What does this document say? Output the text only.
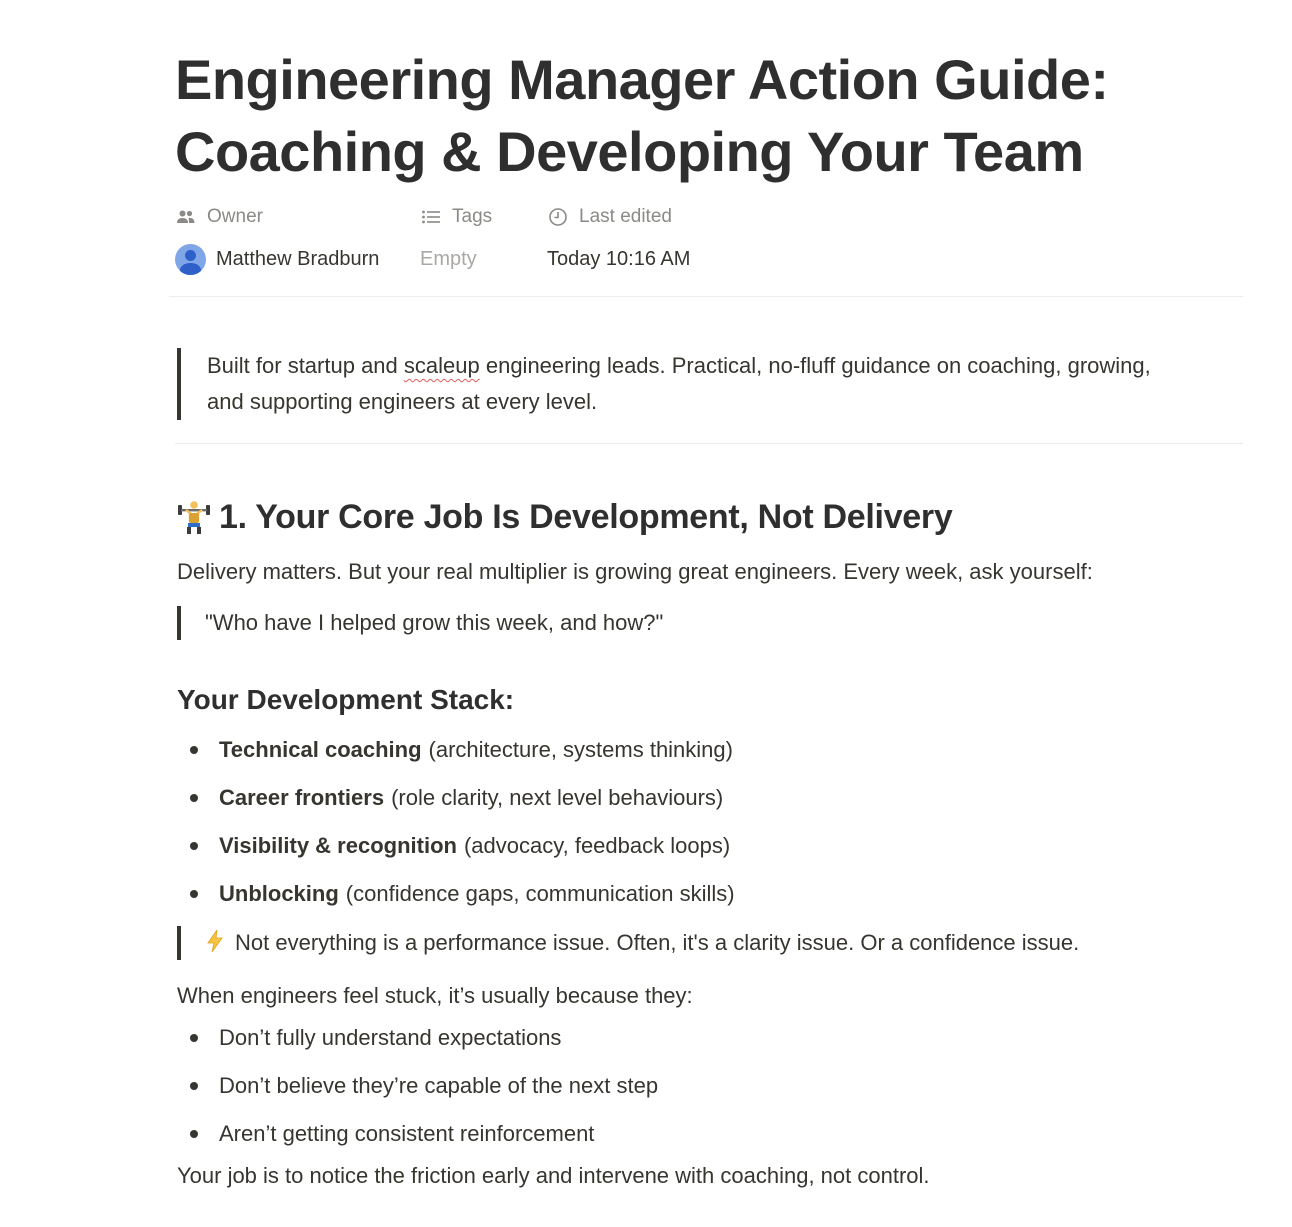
Engineering Manager Action Guide: Coaching & Developing Your Team
Owner
Matthew Bradburn
Tags
Empty
Last edited
Today 10:16 AM
Built for startup and scaleup engineering leads. Practical, no-fluff guidance on coaching, growing, and supporting engineers at every level.
1. Your Core Job Is Development, Not Delivery

Delivery matters. But your real multiplier is growing great engineers. Every week, ask yourself:

"Who have I helped grow this week, and how?"
Your Development Stack:
Technical coaching (architecture, systems thinking)
Career frontiers (role clarity, next level behaviours)
Visibility & recognition (advocacy, feedback loops)
Unblocking (confidence gaps, communication skills)
Not everything is a performance issue. Often, it's a clarity issue. Or a confidence issue.

When engineers feel stuck, it’s usually because they:

Don’t fully understand expectations
Don’t believe they’re capable of the next step
Aren’t getting consistent reinforcement

Your job is to notice the friction early and intervene with coaching, not control.
